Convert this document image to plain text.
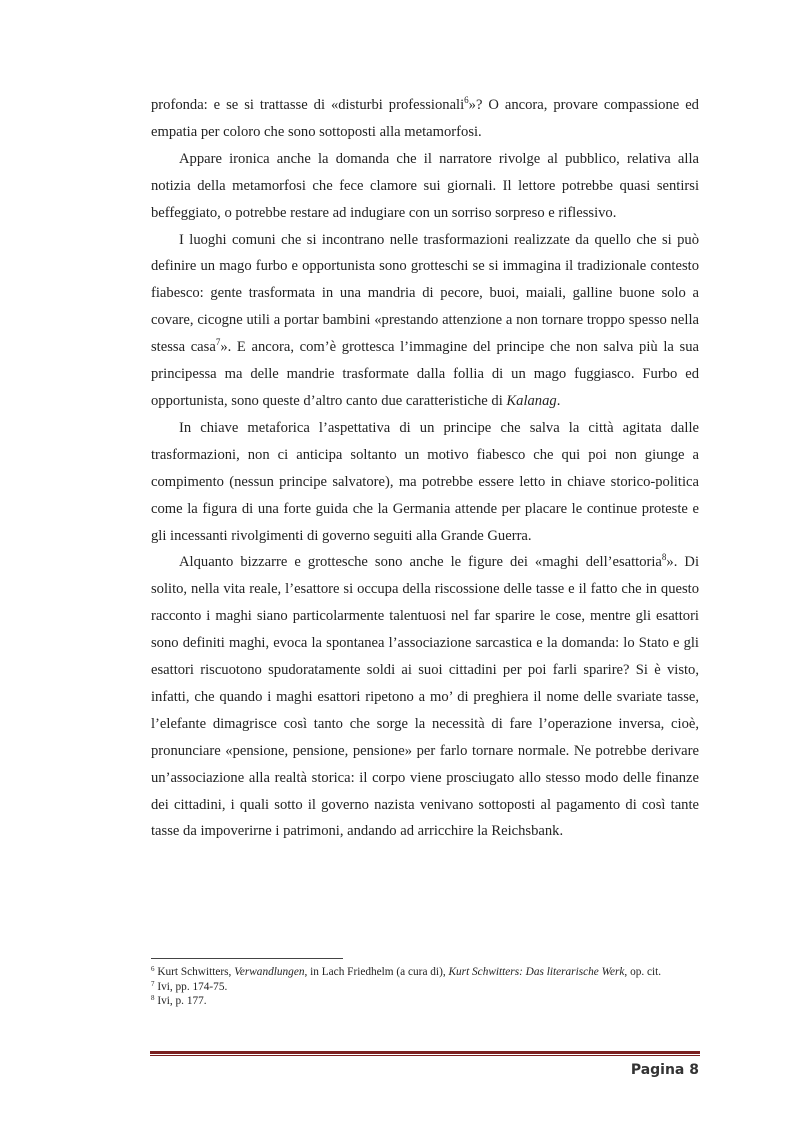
profonda: e se si trattasse di «disturbi professionali$^6$»? O ancora, provare compassione ed empatia per coloro che sono sottoposti alla metamorfosi.

Appare ironica anche la domanda che il narratore rivolge al pubblico, relativa alla notizia della metamorfosi che fece clamore sui giornali. Il lettore potrebbe quasi sentirsi beffeggiato, o potrebbe restare ad indugiare con un sorriso sorpreso e riflessivo.

I luoghi comuni che si incontrano nelle trasformazioni realizzate da quello che si può definire un mago furbo e opportunista sono grotteschi se si immagina il tradizionale contesto fiabesco: gente trasformata in una mandria di pecore, buoi, maiali, galline buone solo a covare, cicogne utili a portar bambini «prestando attenzione a non tornare troppo spesso nella stessa casa$^7$». E ancora, com’è grottesca l’immagine del principe che non salva più la sua principessa ma delle mandrie trasformate dalla follia di un mago fuggiasco. Furbo ed opportunista, sono queste d’altro canto due caratteristiche di Kalanag.

In chiave metaforica l’aspettativa di un principe che salva la città agitata dalle trasformazioni, non ci anticipa soltanto un motivo fiabesco che qui poi non giunge a compimento (nessun principe salvatore), ma potrebbe essere letto in chiave storico-politica come la figura di una forte guida che la Germania attende per placare le continue proteste e gli incessanti rivolgimenti di governo seguiti alla Grande Guerra.

Alquanto bizzarre e grottesche sono anche le figure dei «maghi dell’esattoria$^8$». Di solito, nella vita reale, l’esattore si occupa della riscossione delle tasse e il fatto che in questo racconto i maghi siano particolarmente talentuosi nel far sparire le cose, mentre gli esattori sono definiti maghi, evoca la spontanea l’associazione sarcastica e la domanda: lo Stato e gli esattori riscuotono spudoratamente soldi ai suoi cittadini per poi farli sparire? Si è visto, infatti, che quando i maghi esattori ripetono a mo’ di preghiera il nome delle svariate tasse, l’elefante dimagrisce così tanto che sorge la necessità di fare l’operazione inversa, cioè, pronunciare «pensione, pensione, pensione» per farlo tornare normale. Ne potrebbe derivare un’associazione alla realtà storica: il corpo viene prosciugato allo stesso modo delle finanze dei cittadini, i quali sotto il governo nazista venivano sottoposti al pagamento di così tante tasse da impoverirne i patrimoni, andando ad arricchire la Reichsbank.

$^6$ Kurt Schwitters, Verwandlungen, in Lach Friedhelm (a cura di), Kurt Schwitters: Das literarische Werk, op. cit.
$^7$ Ivi, pp. 174-75.
$^8$ Ivi, p. 177.
Pagina 8
